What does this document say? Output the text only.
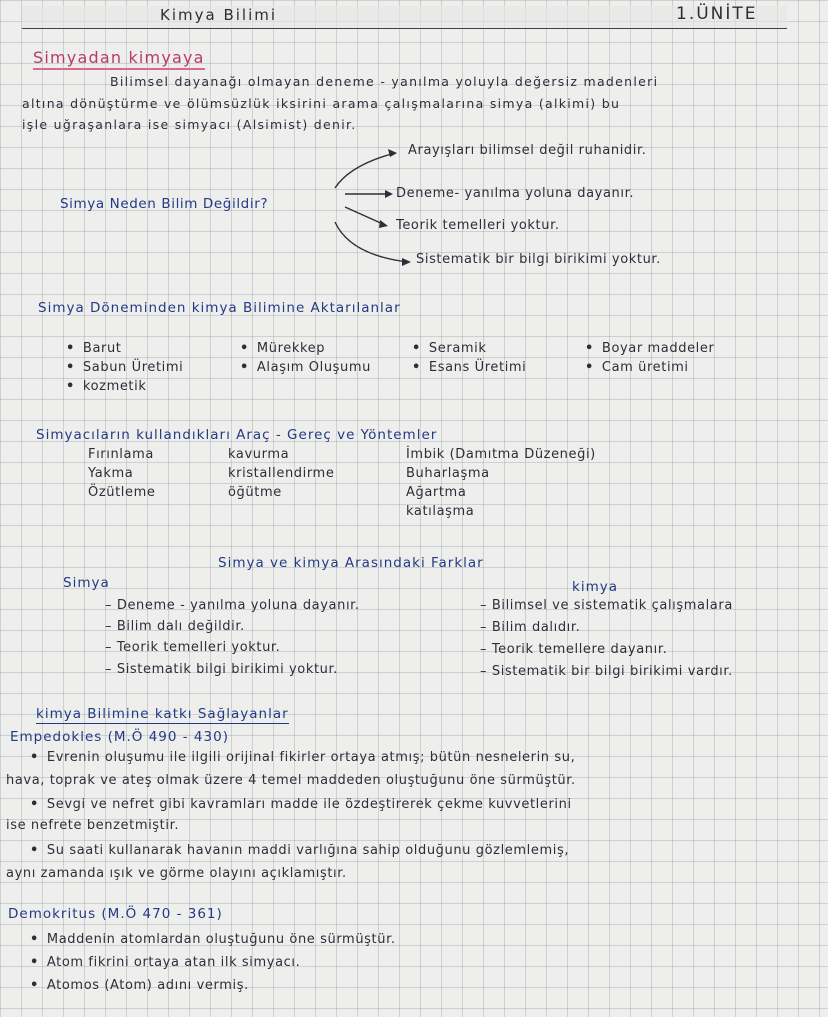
Kimya Bilimi	1.ÜNİTE
Simyadan kimyaya
Bilimsel dayanağı olmayan deneme - yanılma yoluyla değersiz madenleri
altına dönüştürme ve ölümsüzlük iksirini arama çalışmalarına simya (alkimi) bu
işle uğraşanlara ise simyacı (Alsimist) denir.
Simya Neden Bilim Değildir?
Arayışları bilimsel değil ruhanidir.
Deneme- yanılma yoluna dayanır.
Teorik temelleri yoktur.
Sistematik bir bilgi birikimi yoktur.
Simya Döneminden kimya Bilimine Aktarılanlar
• Barut
• Sabun Üretimi
• kozmetik
• Mürekkep
• Alaşım Oluşumu
• Seramik
• Esans Üretimi
• Boyar maddeler
• Cam üretimi
Simyacıların kullandıkları Araç - Gereç ve Yöntemler
Fırınlama
Yakma
Özütleme
kavurma
kristallendirme
öğütme
İmbik (Damıtma Düzeneği)
Buharlaşma
Ağartma
katılaşma
Simya ve kimya Arasındaki Farklar
Simya	kimya
– Deneme - yanılma yoluna dayanır.
– Bilim dalı değildir.
– Teorik temelleri yoktur.
– Sistematik bilgi birikimi yoktur.
– Bilimsel ve sistematik çalışmalara
– Bilim dalıdır.
– Teorik temellere dayanır.
– Sistematik bir bilgi birikimi vardır.
kimya Bilimine katkı Sağlayanlar
Empedokles (M.Ö 490 - 430)
• Evrenin oluşumu ile ilgili orijinal fikirler ortaya atmış; bütün nesnelerin su,
hava, toprak ve ateş olmak üzere 4 temel maddeden oluştuğunu öne sürmüştür.
• Sevgi ve nefret gibi kavramları madde ile özdeştirerek çekme kuvvetlerini
ise nefrete benzetmiştir.
• Su saati kullanarak havanın maddi varlığına sahip olduğunu gözlemlemiş,
aynı zamanda ışık ve görme olayını açıklamıştır.
Demokritus (M.Ö 470 - 361)
• Maddenin atomlardan oluştuğunu öne sürmüştür.
• Atom fikrini ortaya atan ilk simyacı.
• Atomos (Atom) adını vermiş.
